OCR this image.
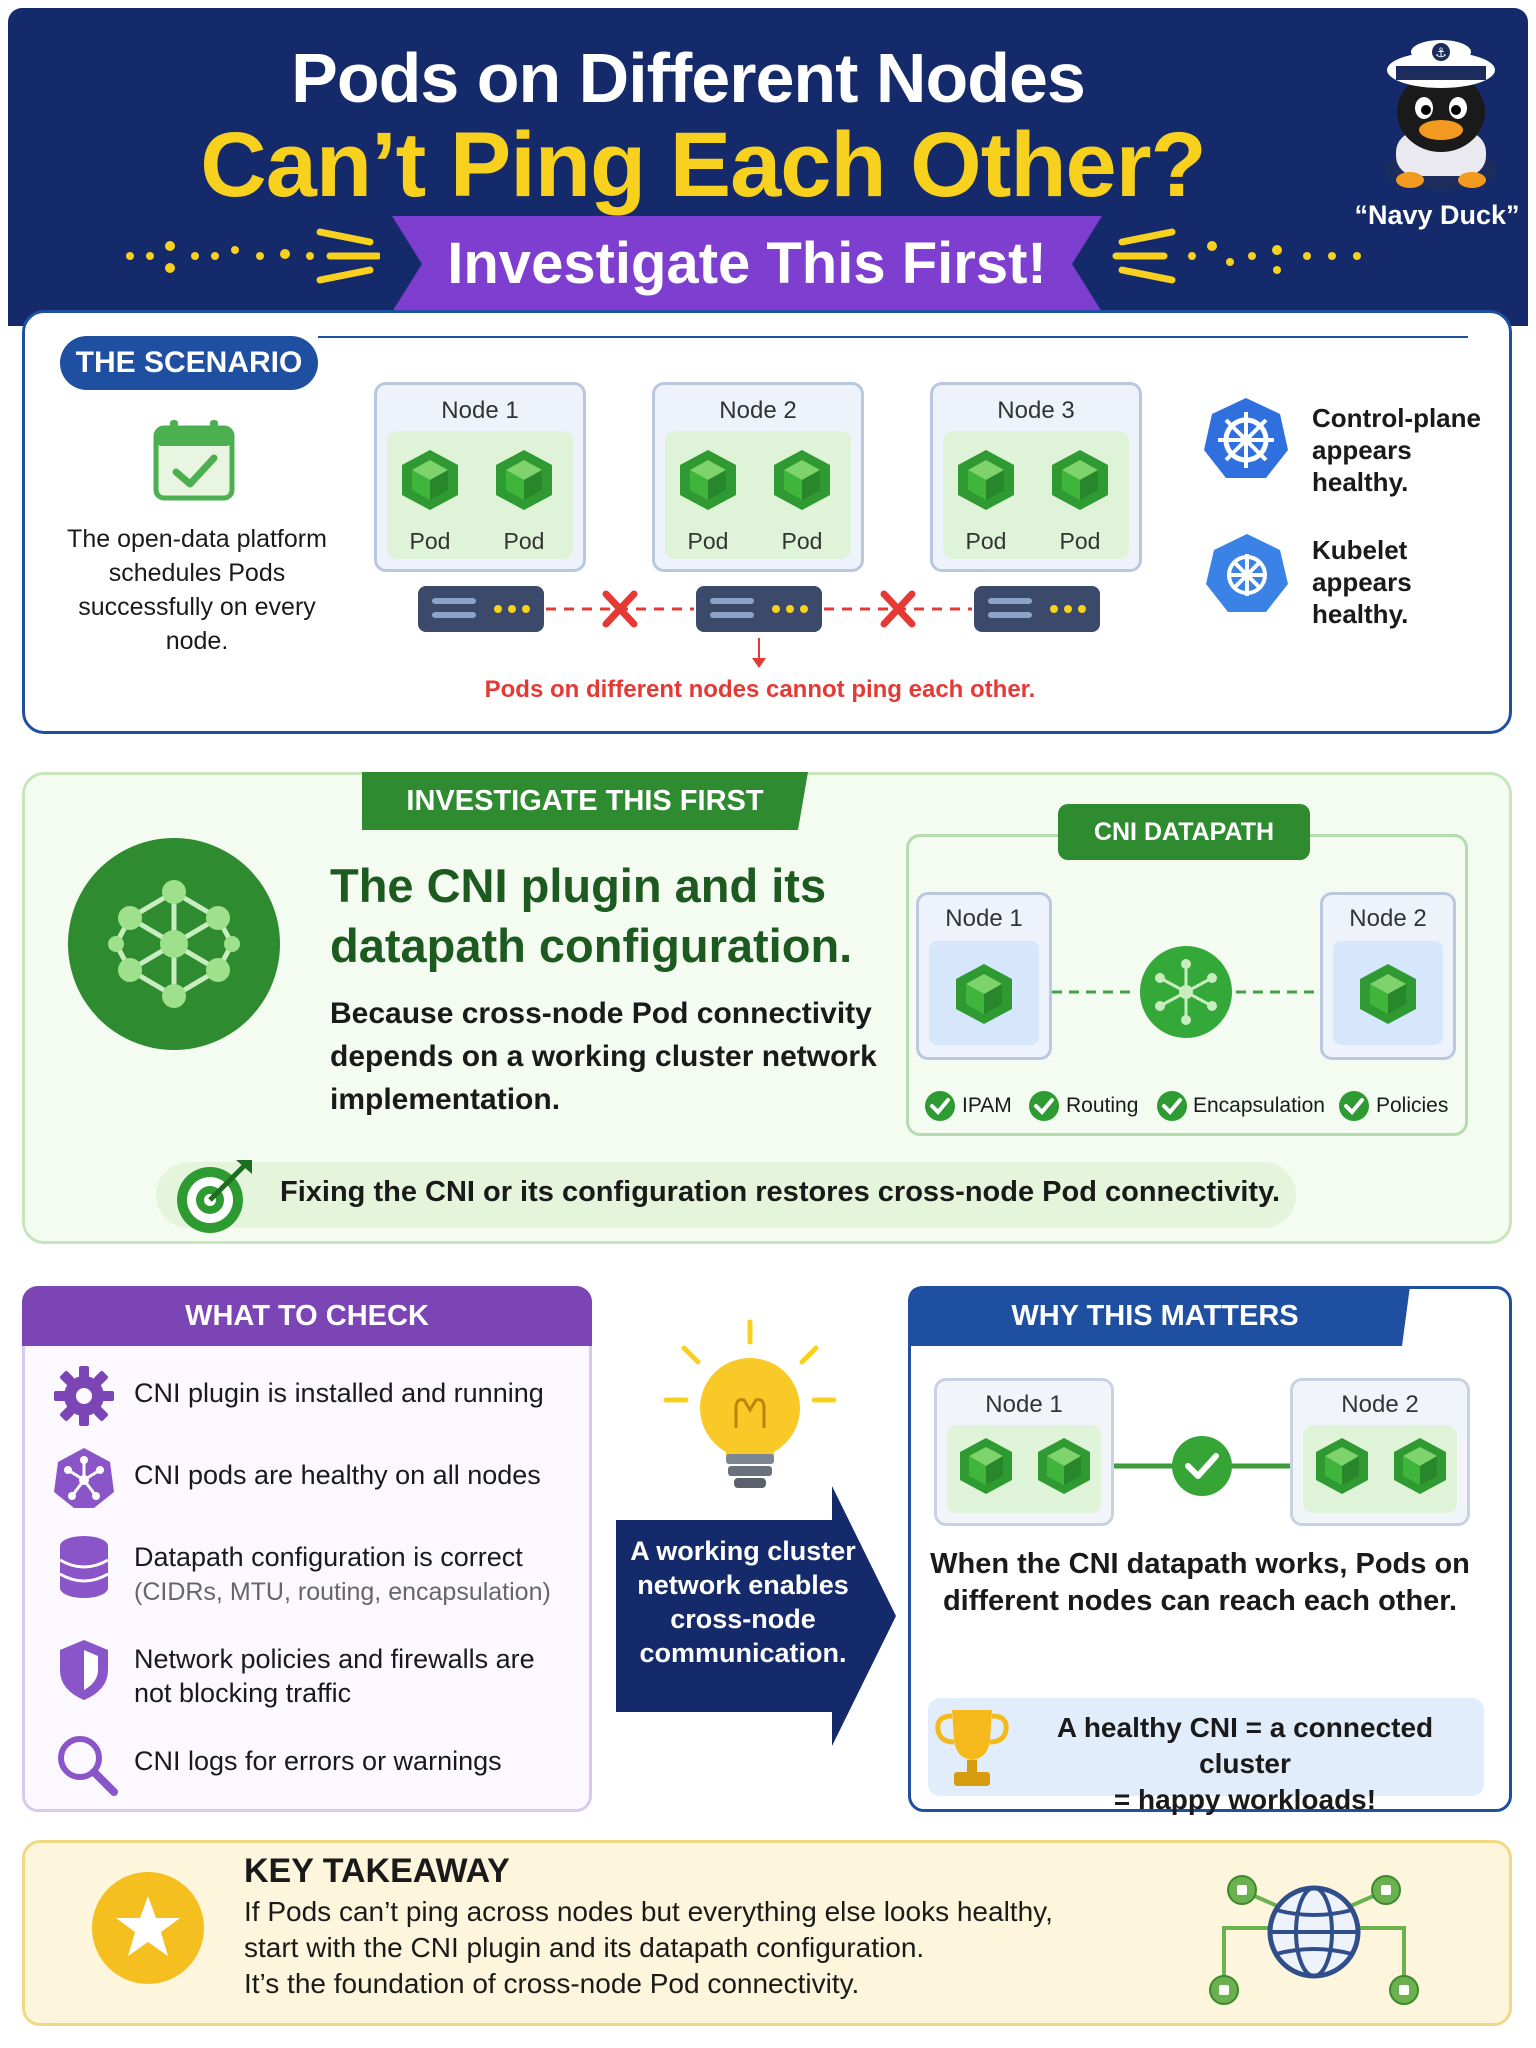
Pods on Different Nodes
Can’t Ping Each Other?
Investigate This First!
⚓
“Navy Duck”
THE SCENARIO
The open-data platform schedules Pods successfully on every node.
Node 1	Node 2	Node 3
Pod	Pod	Pod	Pod	Pod	Pod
Pods on different nodes cannot ping each other.
Control-plane appears healthy.
Kubelet appears healthy.
INVESTIGATE THIS FIRST
The CNI plugin and its datapath configuration.
Because cross-node Pod connectivity depends on a working cluster network implementation.
CNI DATAPATH
Node 1	Node 2
IPAM	Routing	Encapsulation Policies
Fixing the CNI or its configuration restores cross-node Pod connectivity.
WHAT TO CHECK
CNI plugin is installed and running
CNI pods are healthy on all nodes
Datapath configuration is correct
(CIDRs, MTU, routing, encapsulation)
Network policies and firewalls are not blocking traffic
CNI logs for errors or warnings
A working cluster network enables cross-node communication.
WHY THIS MATTERS
Node 1	Node 2
When the CNI datapath works, Pods on different nodes can reach each other.
A healthy CNI = a connected cluster
= happy workloads!
KEY TAKEAWAY
If Pods can’t ping across nodes but everything else looks healthy,
start with the CNI plugin and its datapath configuration.
It’s the foundation of cross-node Pod connectivity.
